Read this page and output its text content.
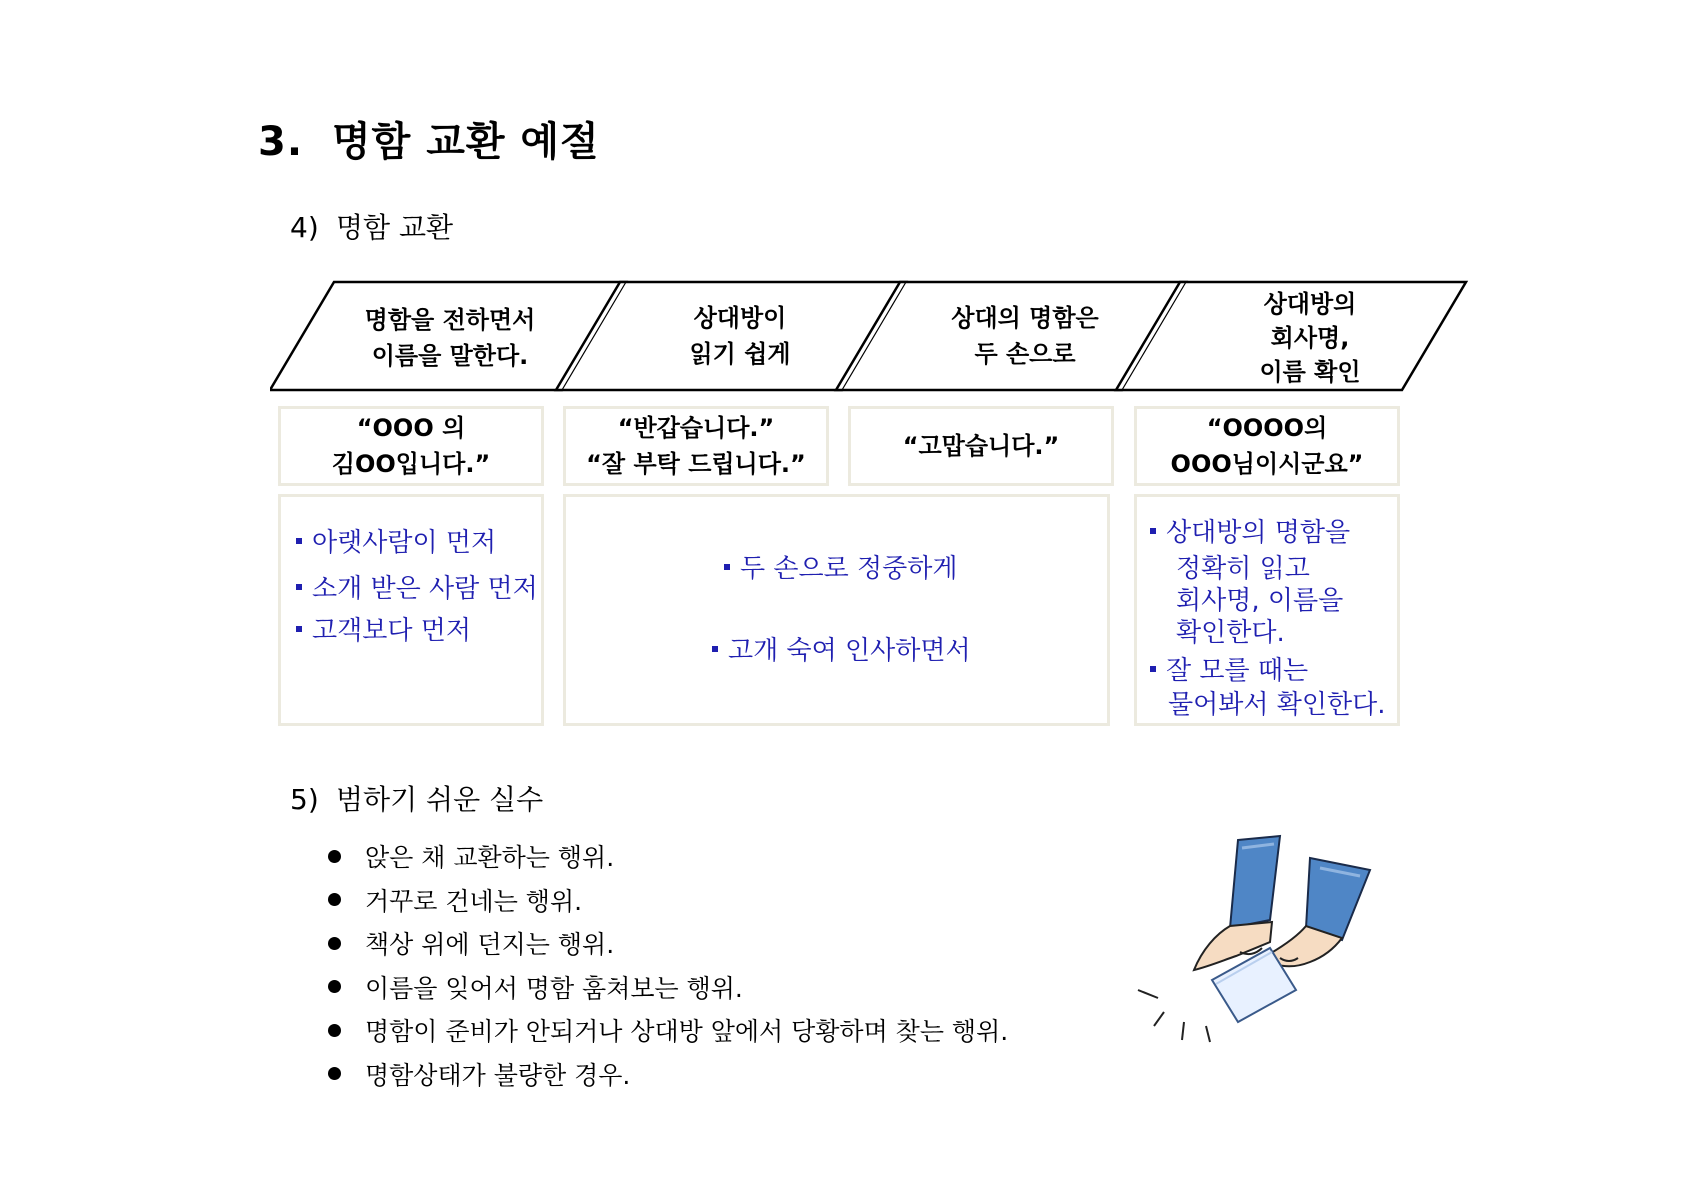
3. 명함 교환 예절
4) 명함 교환
명함을 전하면서
이름을 말한다.
상대방이
읽기 쉽게
상대의 명함은
두 손으로
상대방의
회사명,
이름 확인
“OOO 의
김OO입니다.”
“반갑습니다.”
“잘 부탁 드립니다.”
“고맙습니다.”
“OOOO의
OOO님이시군요”
아랫사람이 먼저
소개 받은 사람 먼저
고객보다 먼저
두 손으로 정중하게
고개 숙여 인사하면서
상대방의 명함을
정확히 읽고
회사명, 이름을
확인한다.
잘 모를 때는
물어봐서 확인한다.
5) 범하기 쉬운 실수
앉은 채 교환하는 행위.
거꾸로 건네는 행위.
책상 위에 던지는 행위.
이름을 잊어서 명함 훔쳐보는 행위.
명함이 준비가 안되거나 상대방 앞에서 당황하며 찾는 행위.
명함상태가 불량한 경우.
